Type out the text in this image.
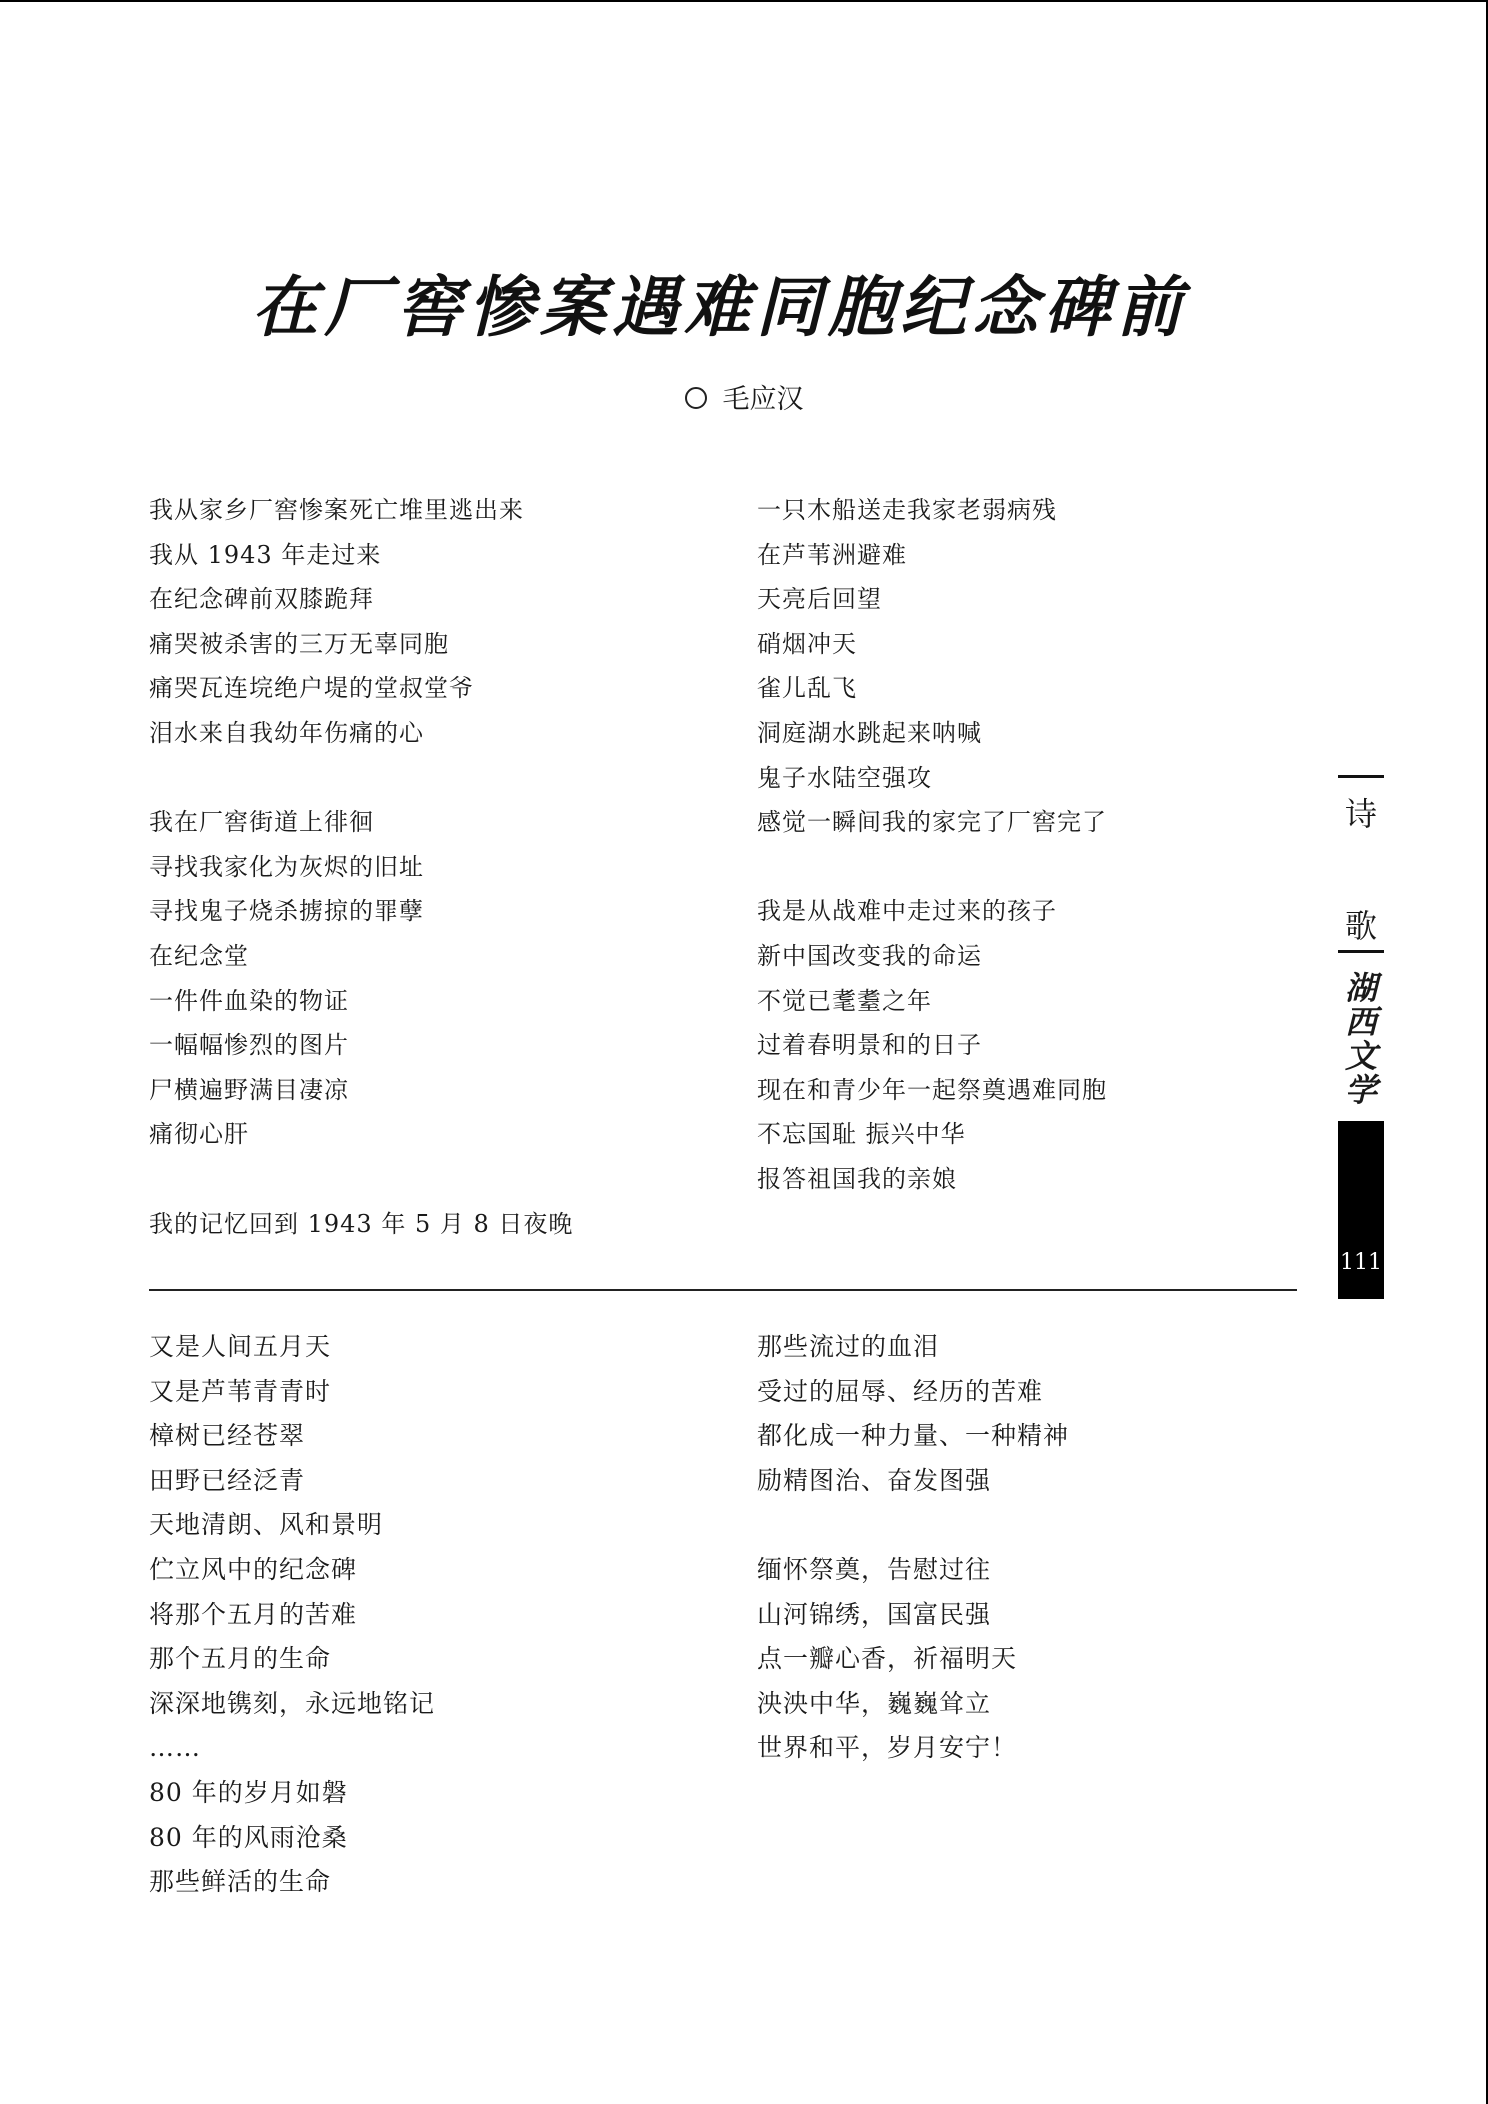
在厂窖惨案遇难同胞纪念碑前
毛应汉
我从家乡厂窖惨案死亡堆里逃出来
我从 1943 年走过来
在纪念碑前双膝跪拜
痛哭被杀害的三万无辜同胞
痛哭瓦连垸绝户堤的堂叔堂爷
泪水来自我幼年伤痛的心
我在厂窖街道上徘徊
寻找我家化为灰烬的旧址
寻找鬼子烧杀掳掠的罪孽
在纪念堂
一件件血染的物证
一幅幅惨烈的图片
尸横遍野满目凄凉
痛彻心肝
我的记忆回到 1943 年 5 月 8 日夜晚
一只木船送走我家老弱病残
在芦苇洲避难
天亮后回望
硝烟冲天
雀儿乱飞
洞庭湖水跳起来呐喊
鬼子水陆空强攻
感觉一瞬间我的家完了厂窖完了
我是从战难中走过来的孩子
新中国改变我的命运
不觉已耄耋之年
过着春明景和的日子
现在和青少年一起祭奠遇难同胞
不忘国耻 振兴中华
报答祖国我的亲娘
又是人间五月天
又是芦苇青青时
樟树已经苍翠
田野已经泛青
天地清朗、风和景明
伫立风中的纪念碑
将那个五月的苦难
那个五月的生命
深深地镌刻，永远地铭记
……
80 年的岁月如磐
80 年的风雨沧桑
那些鲜活的生命
那些流过的血泪
受过的屈辱、经历的苦难
都化成一种力量、一种精神
励精图治、奋发图强
缅怀祭奠，告慰过往
山河锦绣，国富民强
点一瓣心香，祈福明天
泱泱中华，巍巍耸立
世界和平，岁月安宁！
诗
歌
湖
西
文
学
111
